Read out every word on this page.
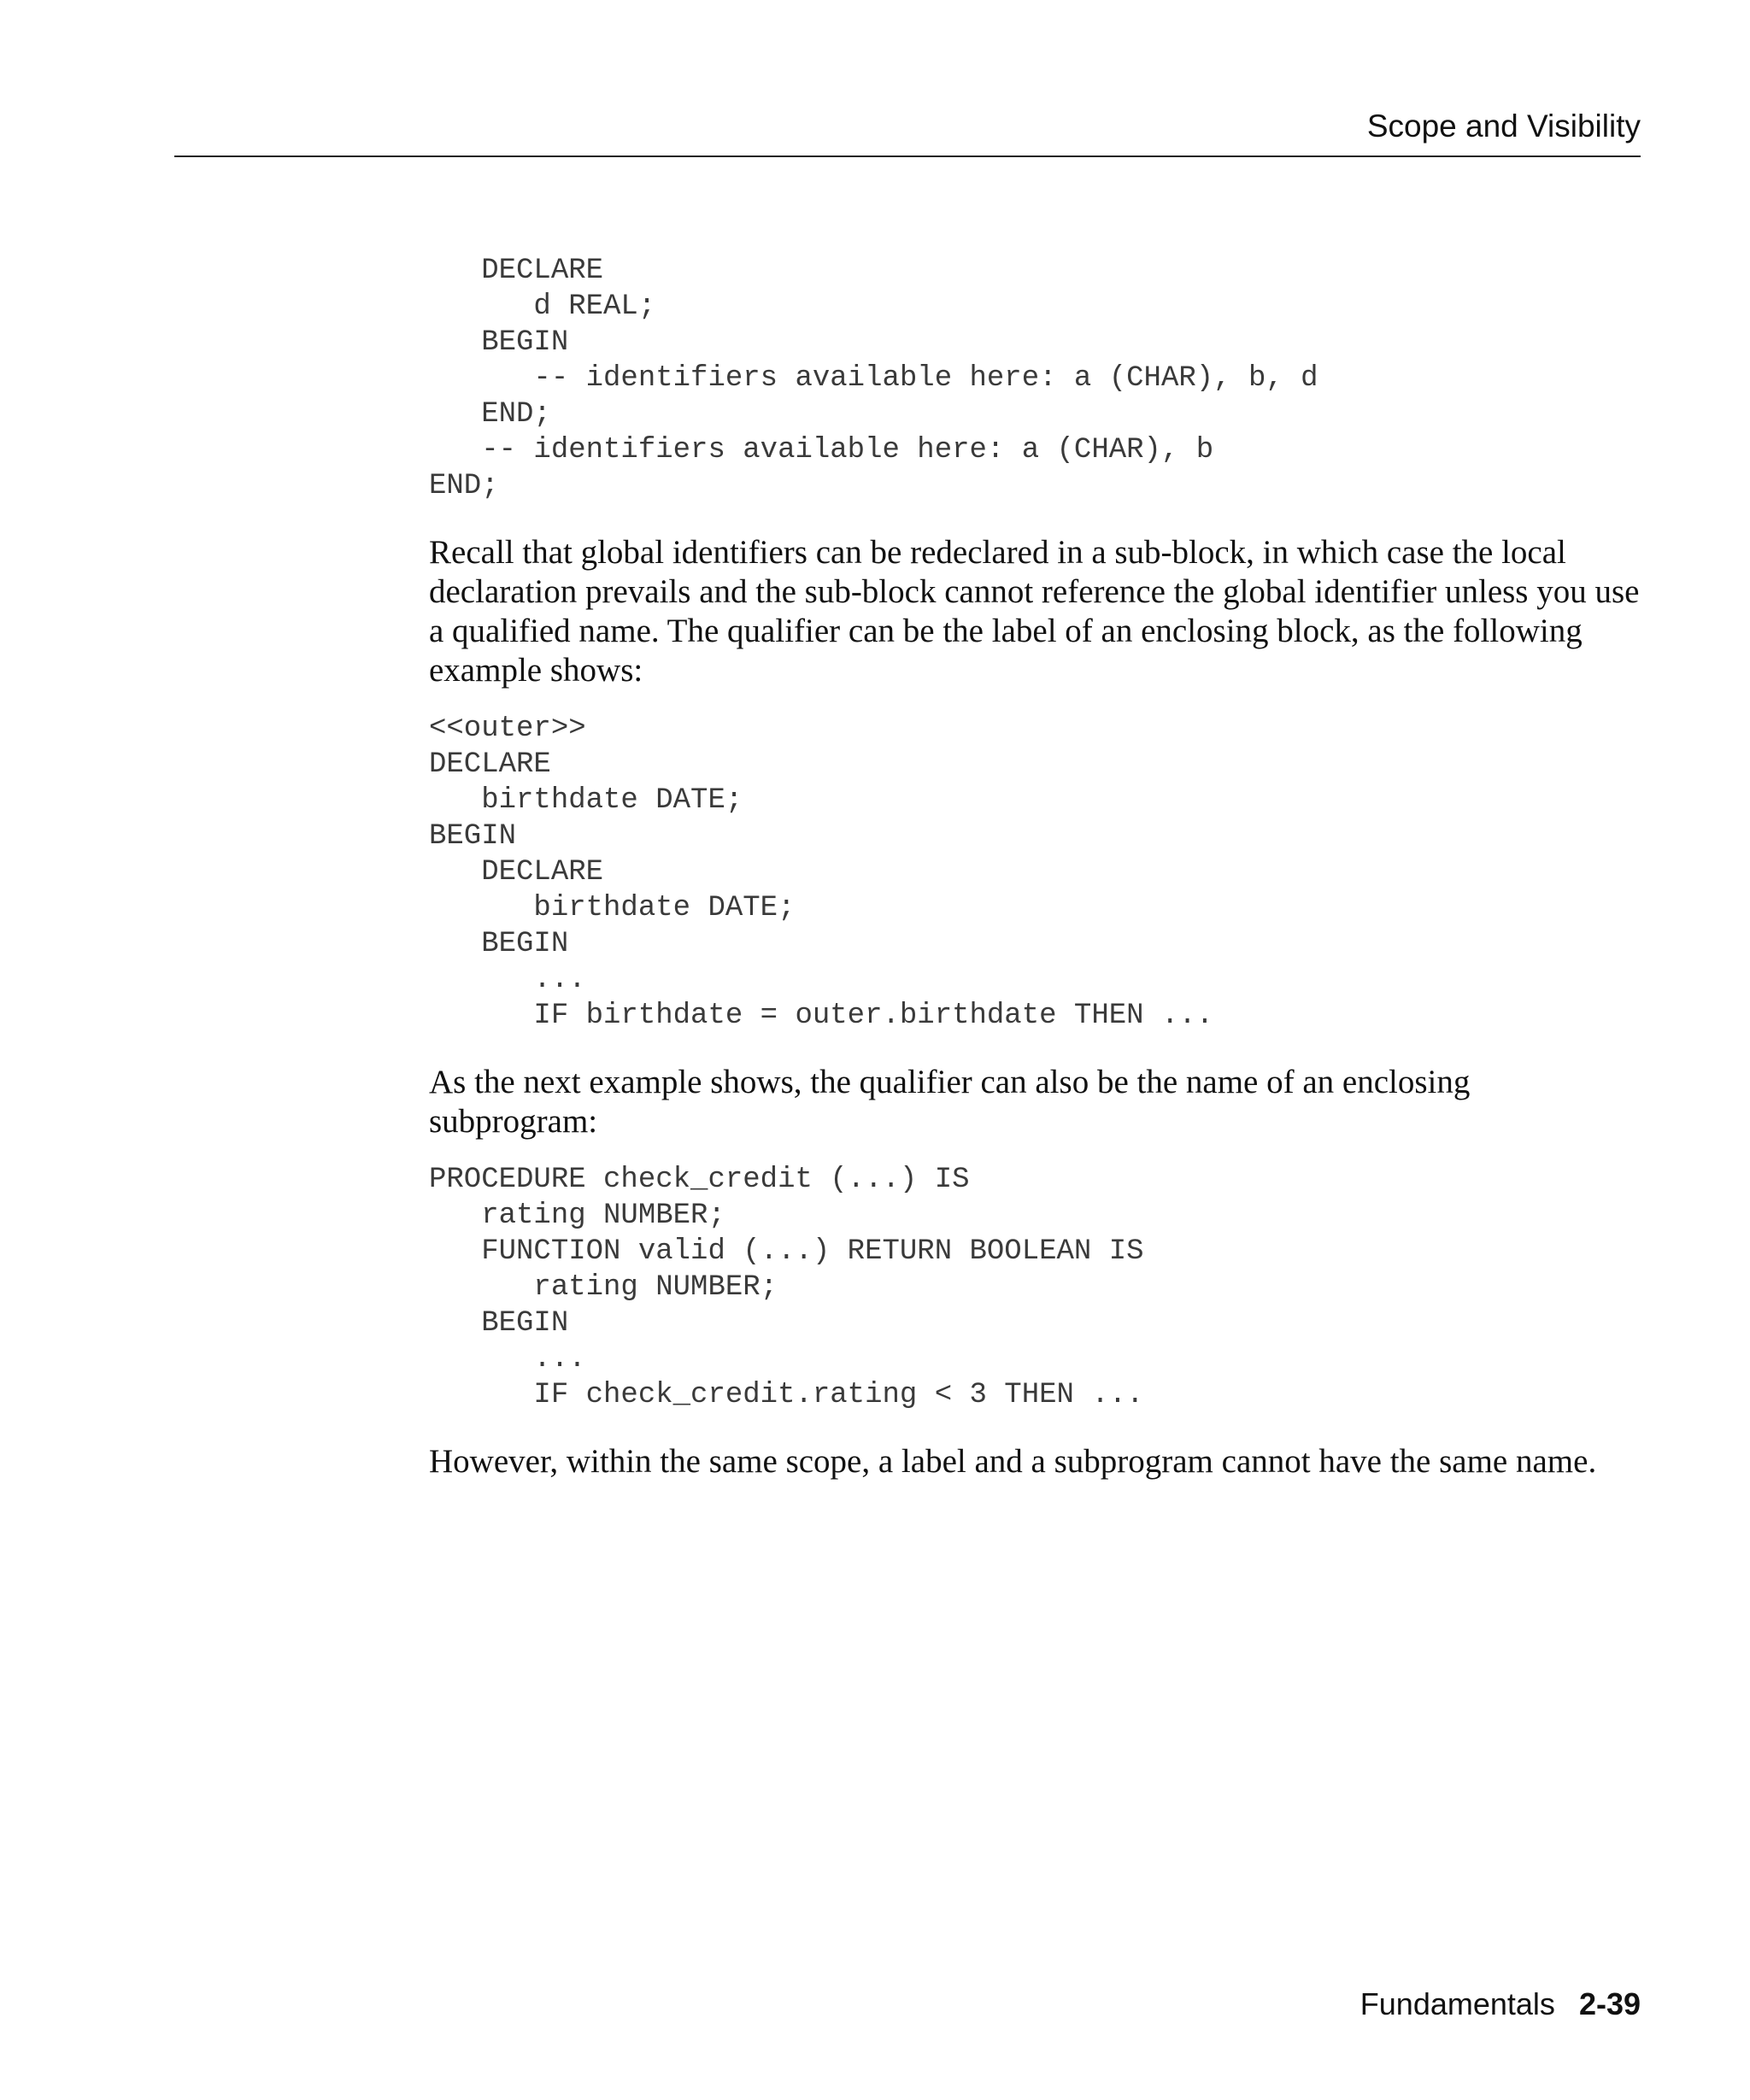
Scope and Visibility
DECLARE
d REAL;
BEGIN
-- identifiers available here: a (CHAR), b, d
END;
-- identifiers available here: a (CHAR), b
END;

Recall that global identifiers can be redeclared in a sub-block, in which case the local declaration prevails and the sub-block cannot reference the global identifier unless you use a qualified name. The qualifier can be the label of an enclosing block, as the following example shows:

<<outer>>
DECLARE
birthdate DATE;
BEGIN
DECLARE
birthdate DATE;
BEGIN
...
IF birthdate = outer.birthdate THEN ...

As the next example shows, the qualifier can also be the name of an enclosing subprogram:

PROCEDURE check_credit (...) IS
rating NUMBER;
FUNCTION valid (...) RETURN BOOLEAN IS
rating NUMBER;
BEGIN
...
IF check_credit.rating < 3 THEN ...

However, within the same scope, a label and a subprogram cannot have the same name.

Fundamentals 2-39
